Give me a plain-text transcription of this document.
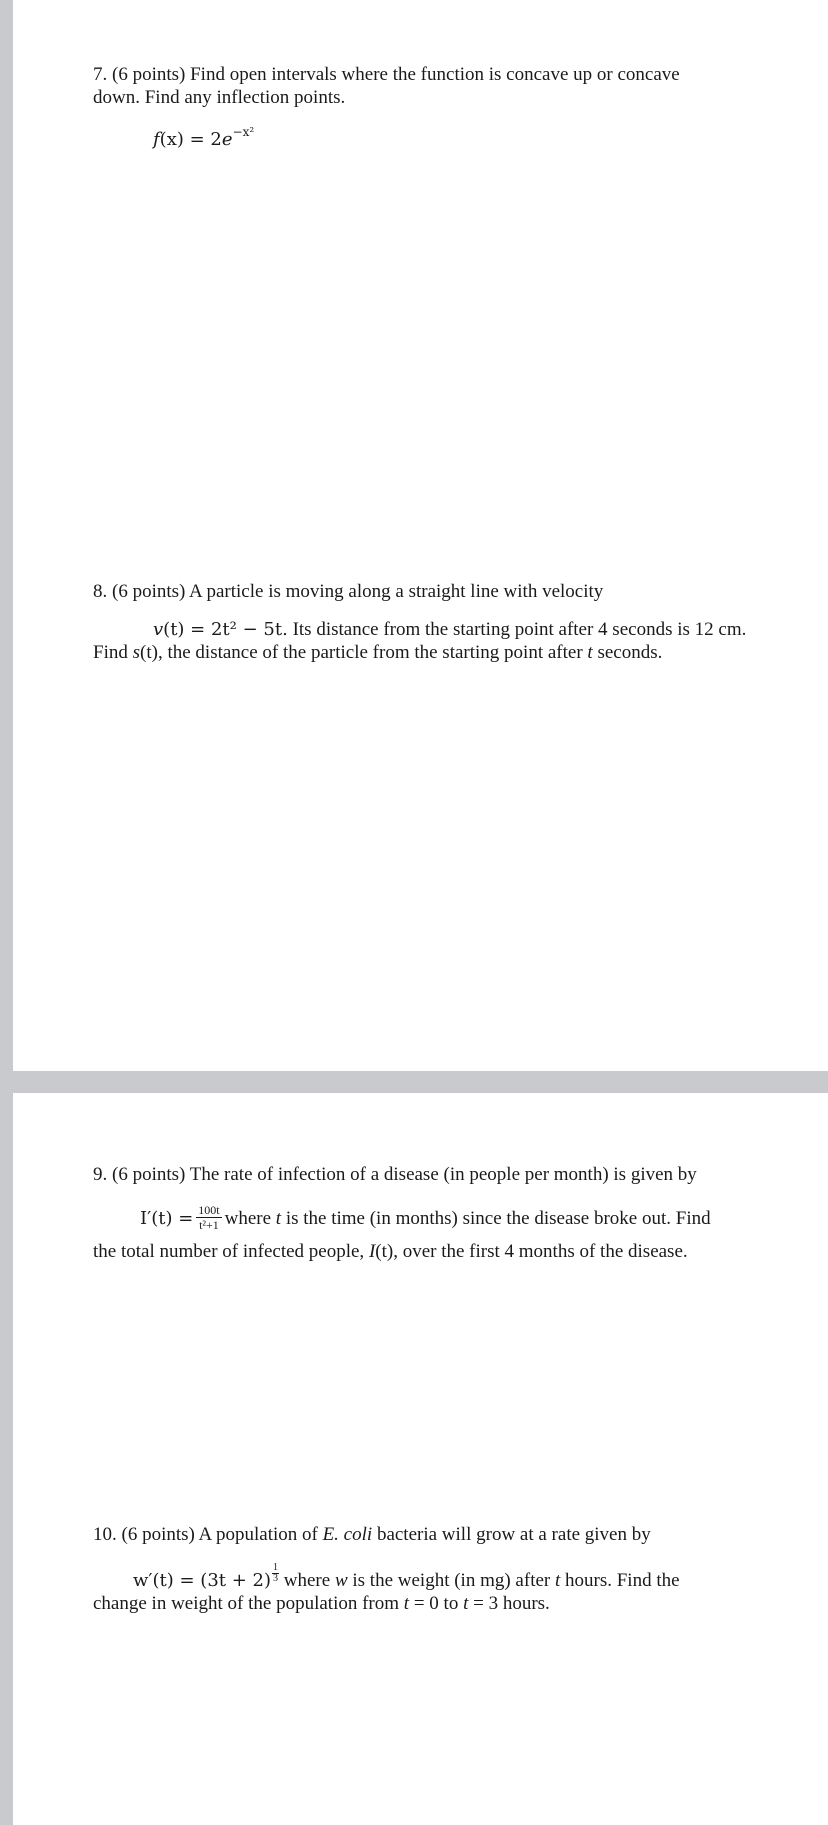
7. (6 points) Find open intervals where the function is concave up or concave
down. Find any inflection points.
$f(x) = 2e^{-x^2}$
8. (6 points) A particle is moving along a straight line with velocity
v(t) = 2t² − 5t. Its distance from the starting point after 4 seconds is 12 cm.
Find s(t), the distance of the particle from the starting point after t seconds.
9. (6 points) The rate of infection of a disease (in people per month) is given by
$I'(t) = \frac{100t}{\text{t²+1}}$ where t is the time (in months) since the disease broke out. Find
the total number of infected people, I(t), over the first 4 months of the disease.
10. (6 points) A population of E. coli bacteria will grow at a rate given by
$w'(t) = (3t + 2) \frac{1}{3}$ where w is the weight (in mg) after t hours. Find the
change in weight of the population from t = 0 to t = 3 hours.
